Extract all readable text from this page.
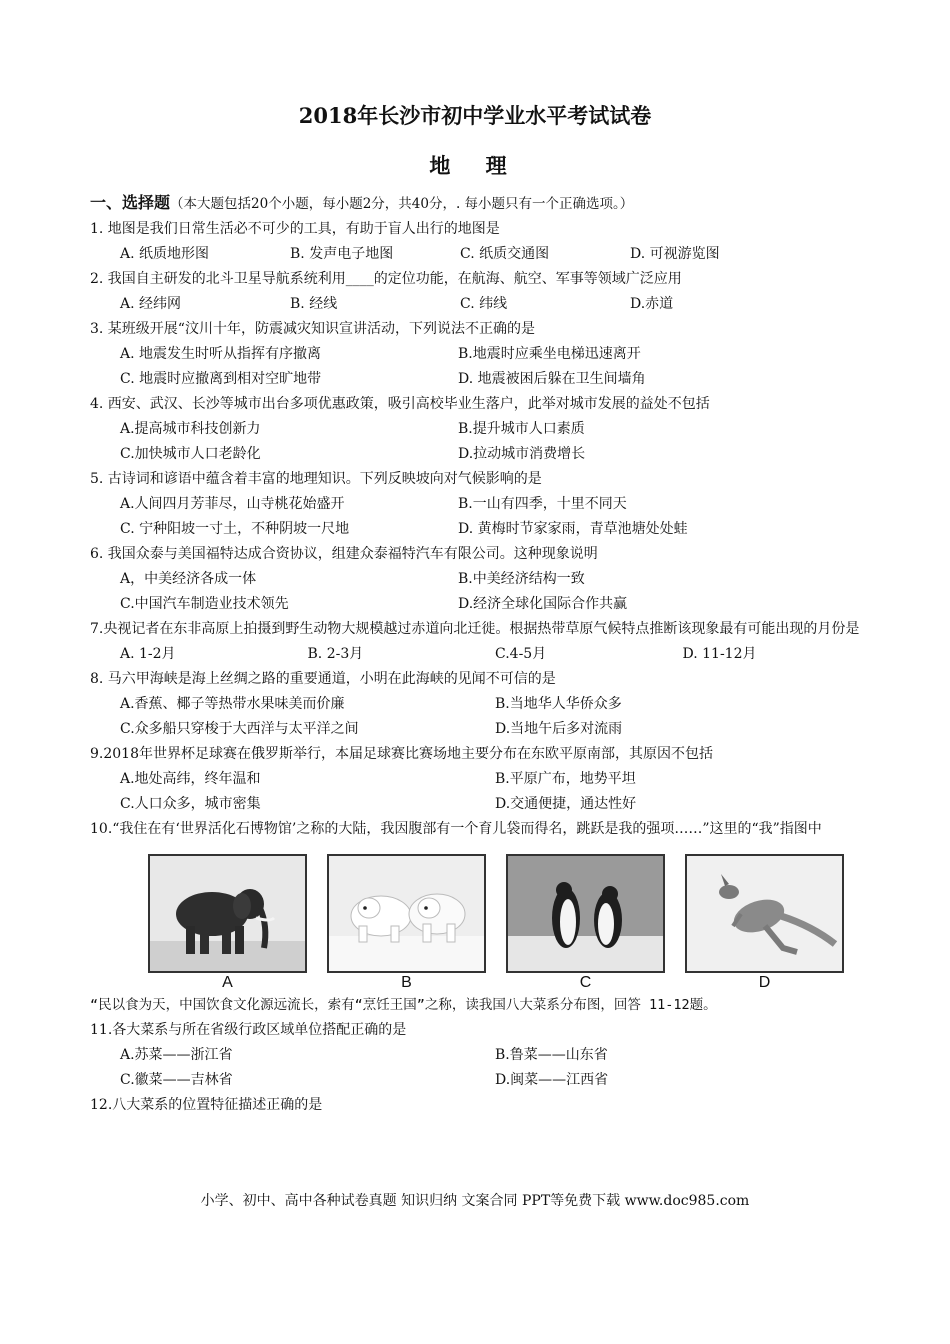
2018年长沙市初中学业水平考试试卷
地 理
一、选择题（本大题包括20个小题，每小题2分，共40分，. 每小题只有一个正确选项。）
1. 地图是我们日常生活必不可少的工具，有助于盲人出行的地图是
A. 纸质地形图	B. 发声电子地图	C. 纸质交通图	D. 可视游览图
2. 我国自主研发的北斗卫星导航系统利用____的定位功能，在航海、航空、军事等领域广泛应用
A. 经纬网	B. 经线	C. 纬线	D.赤道
3. 某班级开展“汶川十年，防震减灾知识宣讲活动，下列说法不正确的是
A. 地震发生时听从指挥有序撤离	B.地震时应乘坐电梯迅速离开
C. 地震时应撤离到相对空旷地带	D. 地震被困后躲在卫生间墙角
4. 西安、武汉、长沙等城市出台多项优惠政策，吸引高校毕业生落户，此举对城市发展的益处不包括
A.提高城市科技创新力	B.提升城市人口素质
C.加快城市人口老龄化	D.拉动城市消费增长
5. 古诗词和谚语中蕴含着丰富的地理知识。下列反映坡向对气候影响的是
A.人间四月芳菲尽，山寺桃花始盛开	B.一山有四季，十里不同天
C. 宁种阳坡一寸土，不种阴坡一尺地	D. 黄梅时节家家雨，青草池塘处处蛙
6. 我国众泰与美国福特达成合资协议，组建众泰福特汽车有限公司。这种现象说明
A，中美经济各成一体	B.中美经济结构一致
C.中国汽车制造业技术领先	D.经济全球化国际合作共赢
7.央视记者在东非高原上拍摄到野生动物大规模越过赤道向北迁徙。根据热带草原气候特点推断该现象最有可能出现的月份是
A. 1-2月	B. 2-3月	C.4-5月	D. 11-12月
8. 马六甲海峡是海上丝绸之路的重要通道，小明在此海峡的见闻不可信的是
A.香蕉、椰子等热带水果味美而价廉	B.当地华人华侨众多
C.众多船只穿梭于大西洋与太平洋之间	D.当地午后多对流雨
9.2018年世界杯足球赛在俄罗斯举行，本届足球赛比赛场地主要分布在东欧平原南部，其原因不包括
A.地处高纬，终年温和	B.平原广布，地势平坦
C.人口众多，城市密集	D.交通便捷，通达性好
10.“我住在有‘世界活化石博物馆’之称的大陆，我因腹部有一个育儿袋而得名，跳跃是我的强项……”这里的“我”指图中
A	B	C	D
“民以食为天，中国饮食文化源远流长，索有“烹饪王国”之称，读我国八大菜系分布图，回答 11-12题。
11.各大菜系与所在省级行政区域单位搭配正确的是
A.苏菜——浙江省	B.鲁菜——山东省
C.徽菜——吉林省	D.闽菜——江西省
12.八大菜系的位置特征描述正确的是
小学、初中、高中各种试卷真题 知识归纳 文案合同 PPT等免费下载 www.doc985.com
